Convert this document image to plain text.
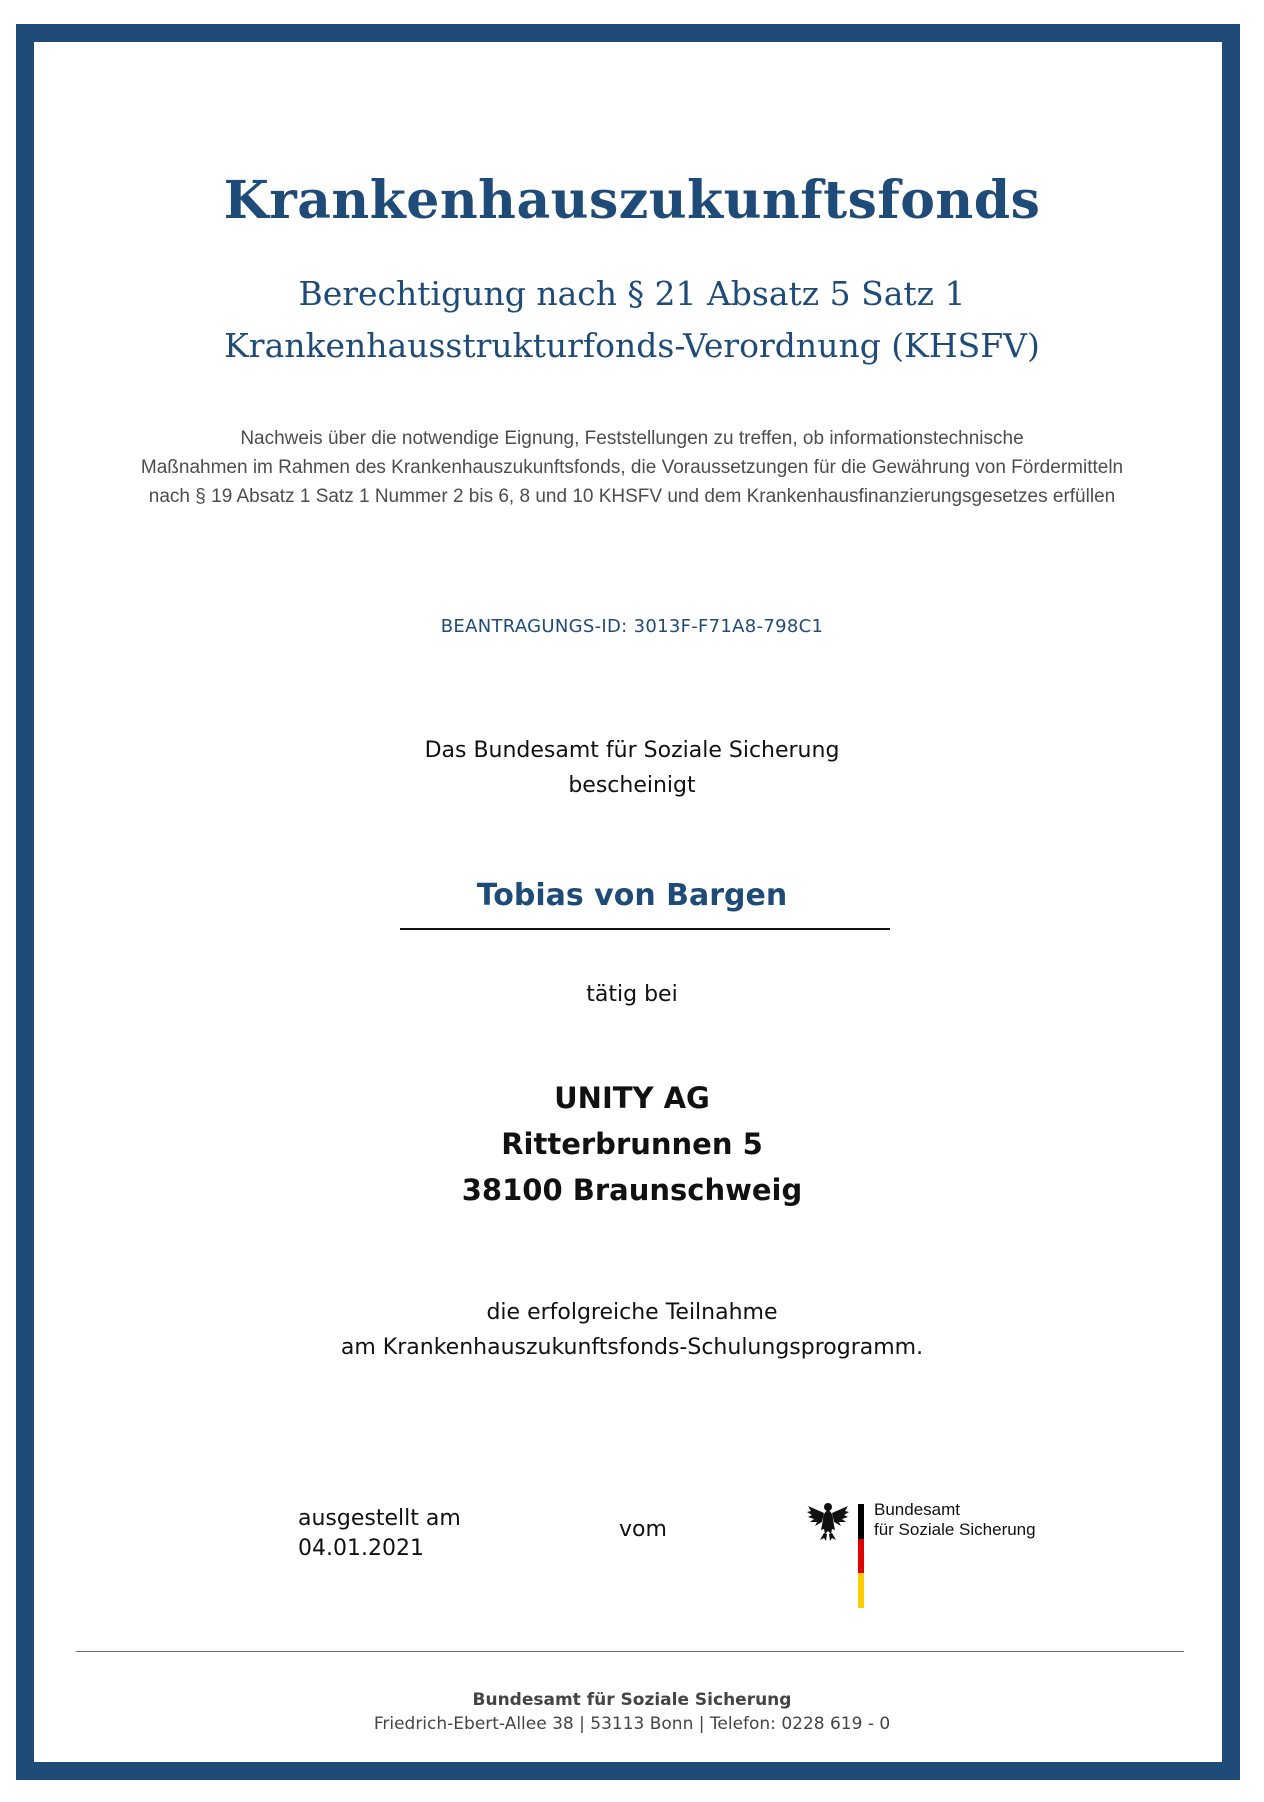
Krankenhauszukunftsfonds
Berechtigung nach § 21 Absatz 5 Satz 1
Krankenhausstrukturfonds-Verordnung (KHSFV)
Nachweis über die notwendige Eignung, Feststellungen zu treffen, ob informationstechnische
Maßnahmen im Rahmen des Krankenhauszukunftsfonds, die Voraussetzungen für die Gewährung von Fördermitteln
nach § 19 Absatz 1 Satz 1 Nummer 2 bis 6, 8 und 10 KHSFV und dem Krankenhausfinanzierungsgesetzes erfüllen
BEANTRAGUNGS-ID: 3013F-F71A8-798C1
Das Bundesamt für Soziale Sicherung
bescheinigt
Tobias von Bargen
tätig bei
UNITY AG
Ritterbrunnen 5
38100 Braunschweig
die erfolgreiche Teilnahme
am Krankenhauszukunftsfonds-Schulungsprogramm.
ausgestellt am
04.01.2021
vom
Bundesamt
für Soziale Sicherung
Bundesamt für Soziale Sicherung
Friedrich-Ebert-Allee 38 | 53113 Bonn | Telefon: 0228 619 - 0
